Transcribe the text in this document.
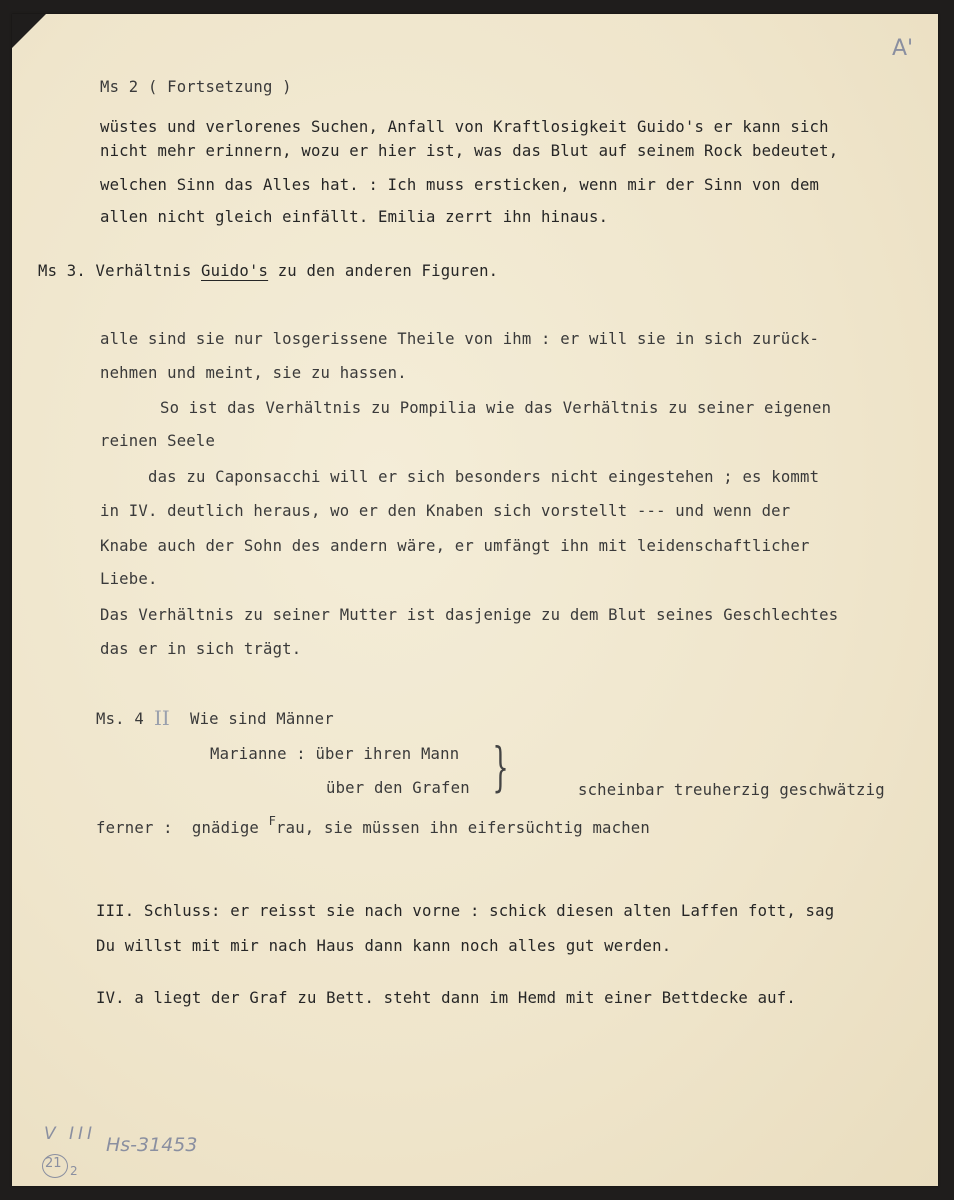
A'
Ms 2 ( Fortsetzung )
wüstes und verlorenes Suchen, Anfall von Kraftlosigkeit Guido's er kann sich
nicht mehr erinnern, wozu er hier ist, was das Blut auf seinem Rock bedeutet,
welchen Sinn das Alles hat. : Ich muss ersticken, wenn mir der Sinn von dem
allen nicht gleich einfällt. Emilia zerrt ihn hinaus.
Ms 3. Verhältnis Guido's zu den anderen Figuren.
alle sind sie nur losgerissene Theile von ihm : er will sie in sich zurück-
nehmen und meint, sie zu hassen.
So ist das Verhältnis zu Pompilia wie das Verhältnis zu seiner eigenen
reinen Seele
das zu Caponsacchi will er sich besonders nicht eingestehen ; es kommt
in IV. deutlich heraus, wo er den Knaben sich vorstellt --- und wenn der
Knabe auch der Sohn des andern wäre, er umfängt ihn mit leidenschaftlicher
Liebe.
Das Verhältnis zu seiner Mutter ist dasjenige zu dem Blut seines Geschlechtes
das er in sich trägt.
Ms. 4 II Wie sind Männer
Marianne : über ihren Mann
über den Grafen }	scheinbar treuherzig geschwätzig
ferner :  gnädige $^F$rau, sie müssen ihn eifersüchtig machen
III. Schluss: er reisst sie nach vorne : schick diesen alten Laffen fott, sag
Du willst mit mir nach Haus dann kann noch alles gut werden.
IV. a liegt der Graf zu Bett. steht dann im Hemd mit einer Bettdecke auf.
V III Hs-31453
21 2
